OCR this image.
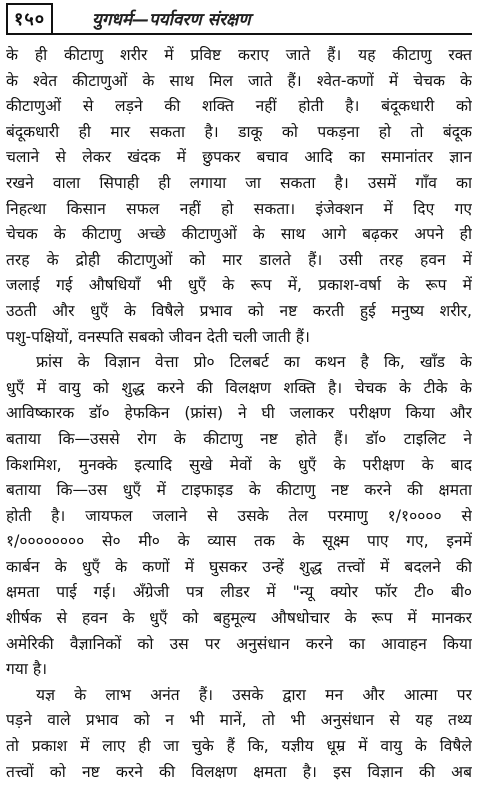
१५०	युगधर्म—पर्यावरण संरक्षण
के ही कीटाणु शरीर में प्रविष्ट कराए जाते हैं। यह कीटाणु रक्त
के श्वेत कीटाणुओं के साथ मिल जाते हैं। श्वेत-कणों में चेचक के
कीटाणुओं से लड़ने की शक्ति नहीं होती है। बंदूकधारी को
बंदूकधारी ही मार सकता है। डाकू को पकड़ना हो तो बंदूक
चलाने से लेकर खंदक में छुपकर बचाव आदि का समानांतर ज्ञान
रखने वाला सिपाही ही लगाया जा सकता है। उसमें गाँव का
निहत्था किसान सफल नहीं हो सकता। इंजेक्शन में दिए गए
चेचक के कीटाणु अच्छे कीटाणुओं के साथ आगे बढ़कर अपने ही
तरह के द्रोही कीटाणुओं को मार डालते हैं। उसी तरह हवन में
जलाई गई औषधियाँ भी धुएँ के रूप में, प्रकाश-वर्षा के रूप में
उठती और धुएँ के विषैले प्रभाव को नष्ट करती हुई मनुष्य शरीर,
पशु-पक्षियों, वनस्पति सबको जीवन देती चली जाती हैं।
फ्रांस के विज्ञान वेत्ता प्रो० टिलबर्ट का कथन है कि, खाँड के
धुएँ में वायु को शुद्ध करने की विलक्षण शक्ति है। चेचक के टीके के
आविष्कारक डॉ० हेफकिन (फ्रांस) ने घी जलाकर परीक्षण किया और
बताया कि—उससे रोग के कीटाणु नष्ट होते हैं। डॉ० टाइलिट ने
किशमिश, मुनक्के इत्यादि सुखे मेवों के धुएँ के परीक्षण के बाद
बताया कि—उस धुएँ में टाइफाइड के कीटाणु नष्ट करने की क्षमता
होती है। जायफल जलाने से उसके तेल परमाणु १/१०००० से
१/०००००००० से० मी० के व्यास तक के सूक्ष्म पाए गए, इनमें
कार्बन के धुएँ के कणों में घुसकर उन्हें शुद्ध तत्त्वों में बदलने की
क्षमता पाई गई। अँग्रेजी पत्र लीडर में "न्यू क्योर फॉर टी० बी०
शीर्षक से हवन के धुएँ को बहुमूल्य औषधोचार के रूप में मानकर
अमेरिकी वैज्ञानिकों को उस पर अनुसंधान करने का आवाहन किया
गया है।
यज्ञ के लाभ अनंत हैं। उसके द्वारा मन और आत्मा पर
पड़ने वाले प्रभाव को न भी मानें, तो भी अनुसंधान से यह तथ्य
तो प्रकाश में लाए ही जा चुके हैं कि, यज्ञीय धूम्र में वायु के विषैले
तत्त्वों को नष्ट करने की विलक्षण क्षमता है। इस विज्ञान की अब
